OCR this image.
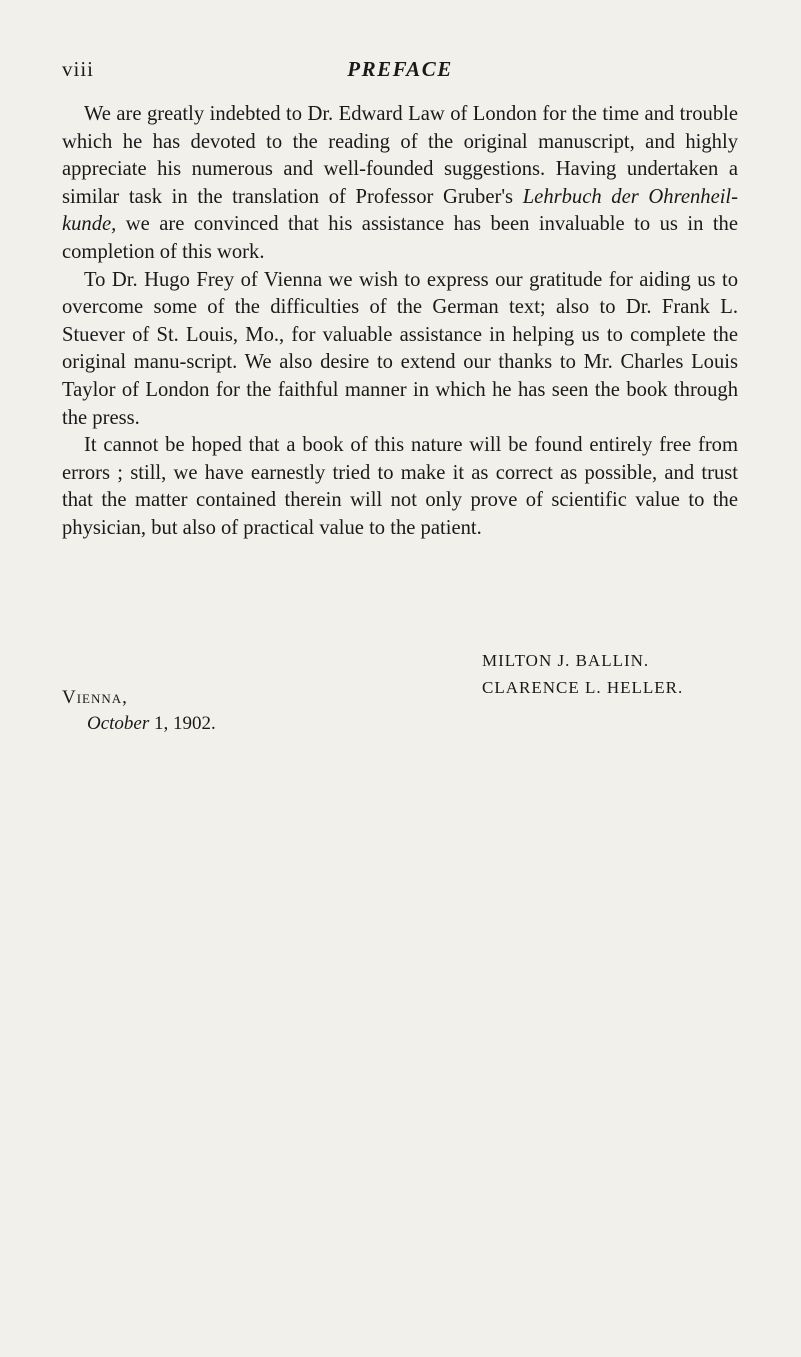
viii	PREFACE

We are greatly indebted to Dr. Edward Law of London for the time and trouble which he has devoted to the reading of the original manuscript, and highly appreciate his numerous and well-founded suggestions. Having undertaken a similar task in the translation of Professor Gruber's Lehrbuch der Ohrenheil-kunde, we are convinced that his assistance has been invaluable to us in the completion of this work.

To Dr. Hugo Frey of Vienna we wish to express our gratitude for aiding us to overcome some of the difficulties of the German text; also to Dr. Frank L. Stuever of St. Louis, Mo., for valuable assistance in helping us to complete the original manu-script. We also desire to extend our thanks to Mr. Charles Louis Taylor of London for the faithful manner in which he has seen the book through the press.

It cannot be hoped that a book of this nature will be found entirely free from errors ; still, we have earnestly tried to make it as correct as possible, and trust that the matter contained therein will not only prove of scientific value to the physician, but also of practical value to the patient.

MILTON J. BALLIN.
CLARENCE L. HELLER.
Vienna,
October 1, 1902.
